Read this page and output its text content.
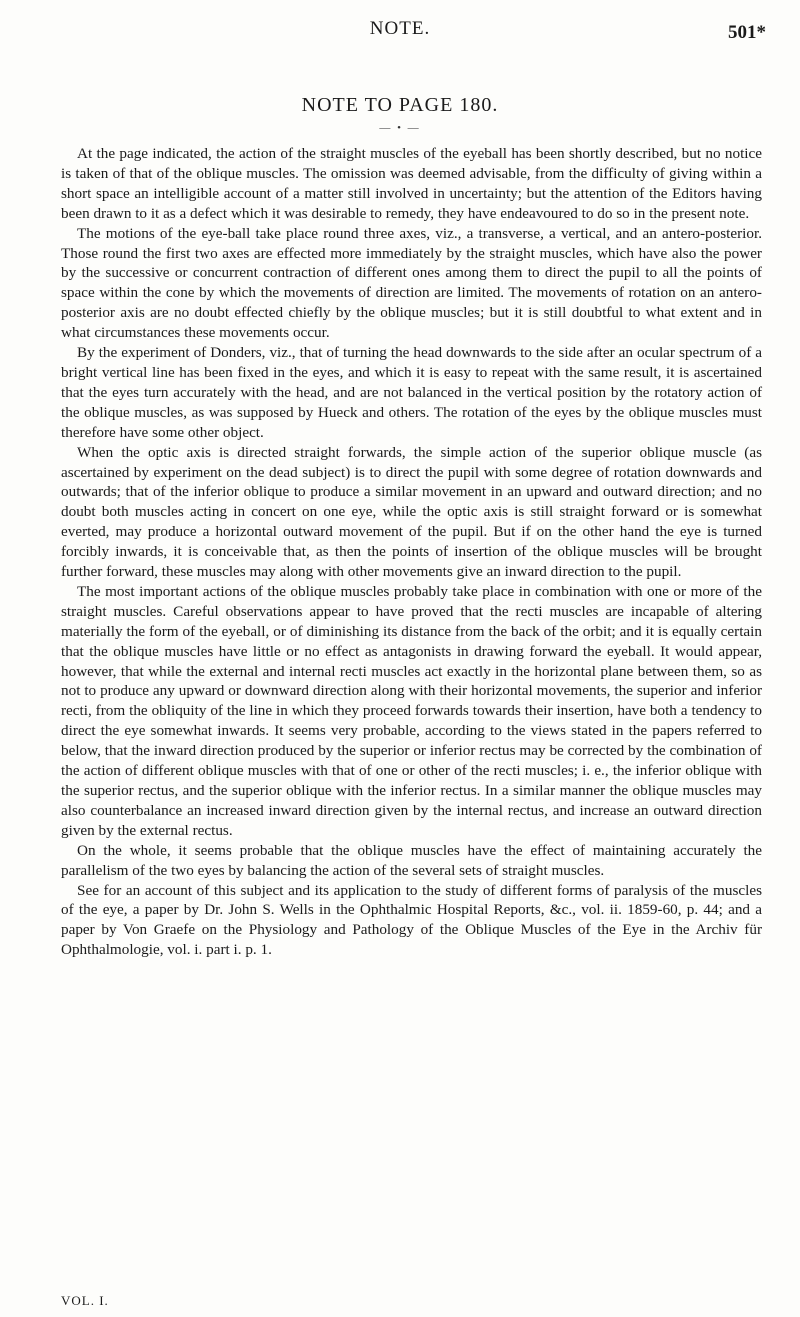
NOTE.	501*
NOTE TO PAGE 180.
— • —

At the page indicated, the action of the straight muscles of the eyeball has been shortly described, but no notice is taken of that of the oblique muscles. The omission was deemed advisable, from the difficulty of giving within a short space an intelligible account of a matter still involved in uncertainty; but the attention of the Editors having been drawn to it as a defect which it was desirable to remedy, they have endeavoured to do so in the present note.

The motions of the eye-ball take place round three axes, viz., a transverse, a vertical, and an antero-posterior. Those round the first two axes are effected more immediately by the straight muscles, which have also the power by the successive or concurrent contraction of different ones among them to direct the pupil to all the points of space within the cone by which the movements of direction are limited. The movements of rotation on an antero-posterior axis are no doubt effected chiefly by the oblique muscles; but it is still doubtful to what extent and in what circumstances these movements occur.

By the experiment of Donders, viz., that of turning the head downwards to the side after an ocular spectrum of a bright vertical line has been fixed in the eyes, and which it is easy to repeat with the same result, it is ascertained that the eyes turn accurately with the head, and are not balanced in the vertical position by the rotatory action of the oblique muscles, as was supposed by Hueck and others. The rotation of the eyes by the oblique muscles must therefore have some other object.

When the optic axis is directed straight forwards, the simple action of the superior oblique muscle (as ascertained by experiment on the dead subject) is to direct the pupil with some degree of rotation downwards and outwards; that of the inferior oblique to produce a similar movement in an upward and outward direction; and no doubt both muscles acting in concert on one eye, while the optic axis is still straight forward or is somewhat everted, may produce a horizontal outward movement of the pupil. But if on the other hand the eye is turned forcibly inwards, it is conceivable that, as then the points of insertion of the oblique muscles will be brought further forward, these muscles may along with other movements give an inward direction to the pupil.

The most important actions of the oblique muscles probably take place in combination with one or more of the straight muscles. Careful observations appear to have proved that the recti muscles are incapable of altering materially the form of the eyeball, or of diminishing its distance from the back of the orbit; and it is equally certain that the oblique muscles have little or no effect as antagonists in drawing forward the eyeball. It would appear, however, that while the external and internal recti muscles act exactly in the horizontal plane between them, so as not to produce any upward or downward direction along with their horizontal movements, the superior and inferior recti, from the obliquity of the line in which they proceed forwards towards their insertion, have both a tendency to direct the eye somewhat inwards. It seems very probable, according to the views stated in the papers referred to below, that the inward direction produced by the superior or inferior rectus may be corrected by the combination of the action of different oblique muscles with that of one or other of the recti muscles; i. e., the inferior oblique with the superior rectus, and the superior oblique with the inferior rectus. In a similar manner the oblique muscles may also counterbalance an increased inward direction given by the internal rectus, and increase an outward direction given by the external rectus.

On the whole, it seems probable that the oblique muscles have the effect of maintaining accurately the parallelism of the two eyes by balancing the action of the several sets of straight muscles.

See for an account of this subject and its application to the study of different forms of paralysis of the muscles of the eye, a paper by Dr. John S. Wells in the Ophthalmic Hospital Reports, &c., vol. ii. 1859-60, p. 44; and a paper by Von Graefe on the Physiology and Pathology of the Oblique Muscles of the Eye in the Archiv für Ophthalmologie, vol. i. part i. p. 1.

VOL. I.
